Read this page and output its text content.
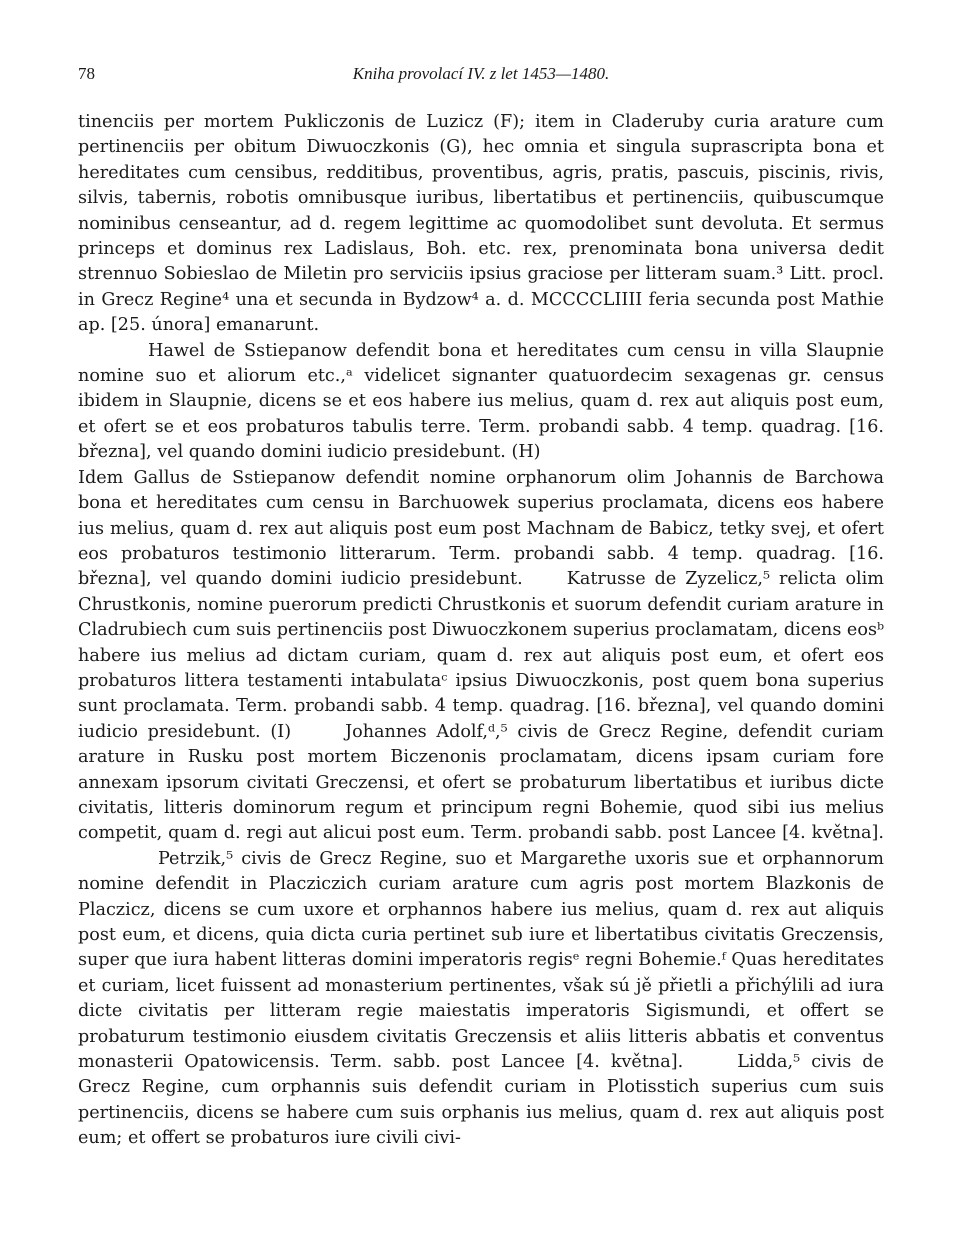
78	Kniha provolací IV. z let 1453—1480.

tinenciis per mortem Pukliczonis de Luzicz (F); item in Claderuby curia arature cum pertinenciis per obitum Diwuoczkonis (G), hec omnia et singula suprascripta bona et hereditates cum censibus, redditibus, proventibus, agris, pratis, pascuis, piscinis, rivis, silvis, tabernis, robotis omnibusque iuribus, libertatibus et pertinenciis, quibuscumque nominibus censeantur, ad d. regem legittime ac quomodolibet sunt devoluta. Et sermus princeps et dominus rex Ladislaus, Boh. etc. rex, prenominata bona universa dedit strennuo Sobieslao de Miletin pro serviciis ipsius graciose per litteram suam.³ Litt. procl. in Grecz Regine⁴ una et secunda in Bydzow⁴ a. d. MCCCCLIIII feria secunda post Mathie ap. [25. února] emanarunt.

Hawel de Sstiepanow defendit bona et hereditates cum censu in villa Slaupnie nomine suo et aliorum etc.,ᵃ videlicet signanter quatuordecim sexagenas gr. census ibidem in Slaupnie, dicens se et eos habere ius melius, quam d. rex aut aliquis post eum, et ofert se et eos probaturos tabulis terre. Term. probandi sabb. 4 temp. quadrag. [16. března], vel quando domini iudicio presidebunt. (H)

Idem Gallus de Sstiepanow defendit nomine orphanorum olim Johannis de Barchowa bona et hereditates cum censu in Barchuowek superius proclamata, dicens eos habere ius melius, quam d. rex aut aliquis post eum post Machnam de Babicz, tetky svej, et ofert eos probaturos testimonio litterarum. Term. probandi sabb. 4 temp. quadrag. [16. března], vel quando domini iudicio presidebunt.	Katrusse de Zyzelicz,⁵ relicta olim Chrustkonis, nomine puerorum predicti Chrustkonis et suorum defendit curiam arature in Cladrubiech cum suis pertinenciis post Diwuoczkonem superius proclamatam, dicens eosᵇ habere ius melius ad dictam curiam, quam d. rex aut aliquis post eum, et ofert eos probaturos littera testamenti intabulataᶜ ipsius Diwuoczkonis, post quem bona superius sunt proclamata. Term. probandi sabb. 4 temp. quadrag. [16. března], vel quando domini iudicio presidebunt. (I)	Johannes Adolf,ᵈ,⁵ civis de Grecz Regine, defendit curiam arature in Rusku post mortem Biczenonis proclamatam, dicens ipsam curiam fore annexam ipsorum civitati Greczensi, et ofert se probaturum libertatibus et iuribus dicte civitatis, litteris dominorum regum et principum regni Bohemie, quod sibi ius melius competit, quam d. regi aut alicui post eum. Term. probandi sabb. post Lancee [4. května].Petrzik,⁵ civis de Grecz Regine, suo et Margarethe uxoris sue et orphannorum nomine defendit in Placziczich curiam arature cum agris post mortem Blazkonis de Placzicz, dicens se cum uxore et orphannos habere ius melius, quam d. rex aut aliquis post eum, et dicens, quia dicta curia pertinet sub iure et libertatibus civitatis Greczensis, super que iura habent litteras domini imperatoris regisᵉ regni Bohemie.ᶠ Quas hereditates et curiam, licet fuissent ad monasterium pertinentes, však sú jě přietli a přichýlili ad iura dicte civitatis per litteram regie maiestatis imperatoris Sigismundi, et offert se probaturum testimonio eiusdem civitatis Greczensis et aliis litteris abbatis et conventus monasterii Opatowicensis. Term. sabb. post Lancee [4. května].	Lidda,⁵ civis de Grecz Regine, cum orphannis suis defendit curiam in Plotisstich superius cum suis pertinenciis, dicens se habere cum suis orphanis ius melius, quam d. rex aut aliquis post eum; et offert se probaturos iure civili civi-
